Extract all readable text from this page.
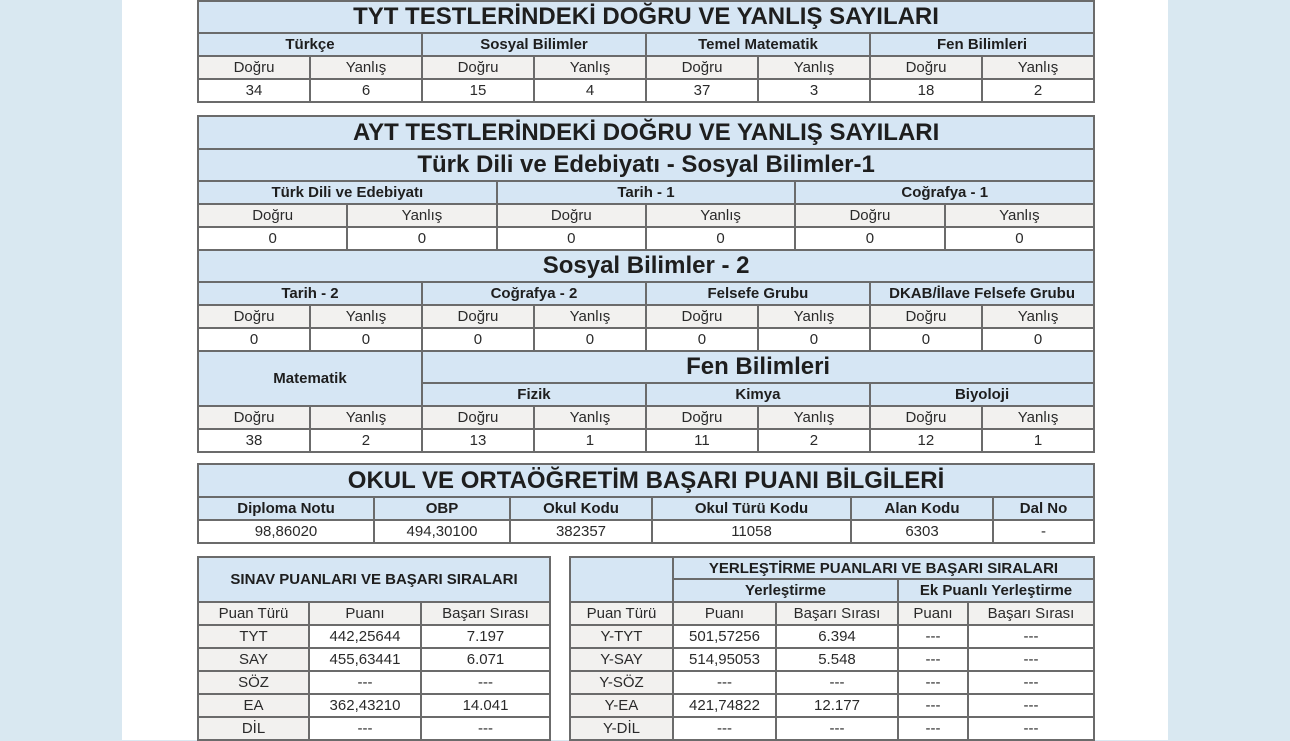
TYT TESTLERİNDEKİ DOĞRU VE YANLIŞ SAYILARI							
Türkçe		Sosyal Bilimler		Temel Matematik		Fen Bilimleri	
Doğru	Yanlış	Doğru	Yanlış	Doğru	Yanlış	Doğru	Yanlış
34	6	15	4	37	3	18	2
AYT TESTLERİNDEKİ DOĞRU VE YANLIŞ SAYILARI											
Türk Dili ve Edebiyatı - Sosyal Bilimler-1											
Türk Dili ve Edebiyatı				Tarih - 1				Coğrafya - 1			
Doğru		Yanlış		Doğru		Yanlış		Doğru		Yanlış	
0		0		0		0		0		0	
Sosyal Bilimler - 2											
Tarih - 2			Coğrafya - 2			Felsefe Grubu			DKAB/İlave Felsefe Grubu		
Doğru	Yanlış		Doğru		Yanlış	Doğru	Yanlış		Doğru		Yanlış
0	0		0		0	0	0		0		0
Matematik			Fen Bilimleri								
			Fizik			Kimya			Biyoloji		
Doğru	Yanlış		Doğru		Yanlış	Doğru	Yanlış		Doğru		Yanlış
38	2		13		1	11	2		12		1
OKUL VE ORTAÖĞRETİM BAŞARI PUANI BİLGİLERİ					
Diploma Notu	OBP	Okul Kodu	Okul Türü Kodu	Alan Kodu	Dal No
98,86020	494,30100	382357	11058	6303	-
SINAV PUANLARI VE BAŞARI SIRALARI		
Puan Türü	Puanı	Başarı Sırası
TYT	442,25644	7.197
SAY	455,63441	6.071
SÖZ	---	---
EA	362,43210	14.041
DİL	---	---
	YERLEŞTİRME PUANLARI VE BAŞARI SIRALARI			
	Yerleştirme		Ek Puanlı Yerleştirme	
Puan Türü	Puanı	Başarı Sırası	Puanı	Başarı Sırası
Y-TYT	501,57256	6.394	---	---
Y-SAY	514,95053	5.548	---	---
Y-SÖZ	---	---	---	---
Y-EA	421,74822	12.177	---	---
Y-DİL	---	---	---	---
